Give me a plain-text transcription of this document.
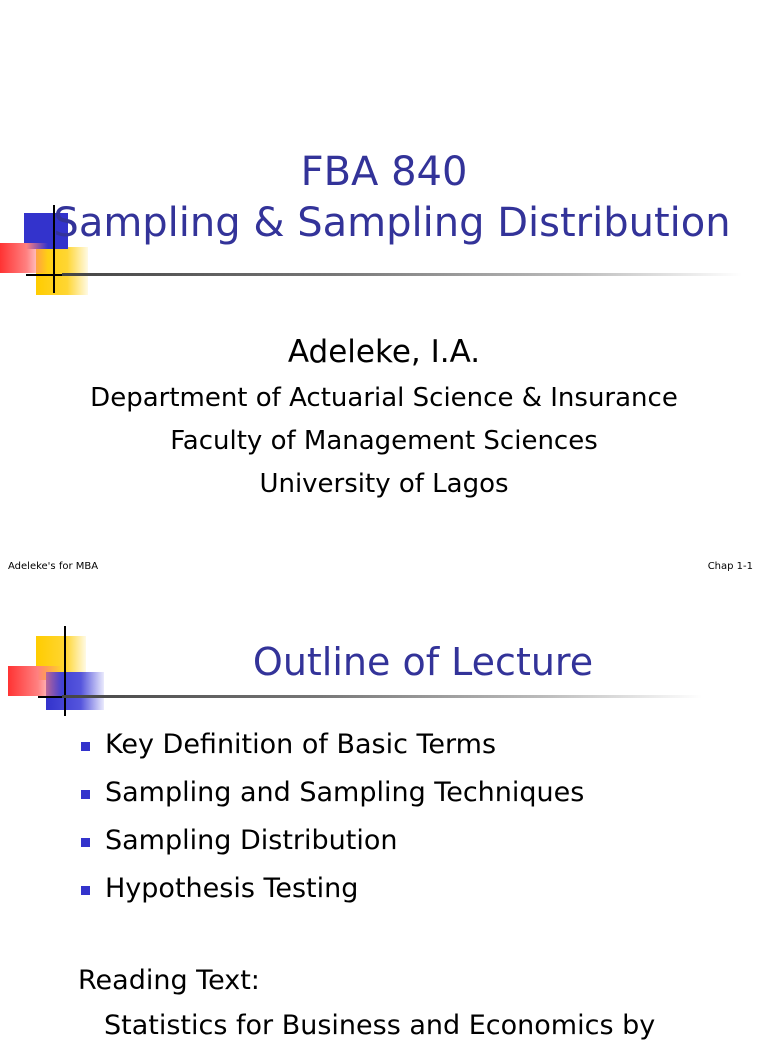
FBA 840
Sampling & Sampling Distribution
Adeleke, I.A.
Department of Actuarial Science & Insurance
Faculty of Management Sciences
University of Lagos
Adeleke's for MBA	Chap 1-1
Outline of Lecture
Key Definition of Basic Terms
Sampling and Sampling Techniques
Sampling Distribution
Hypothesis Testing
Reading Text:
Statistics for Business and Economics by
